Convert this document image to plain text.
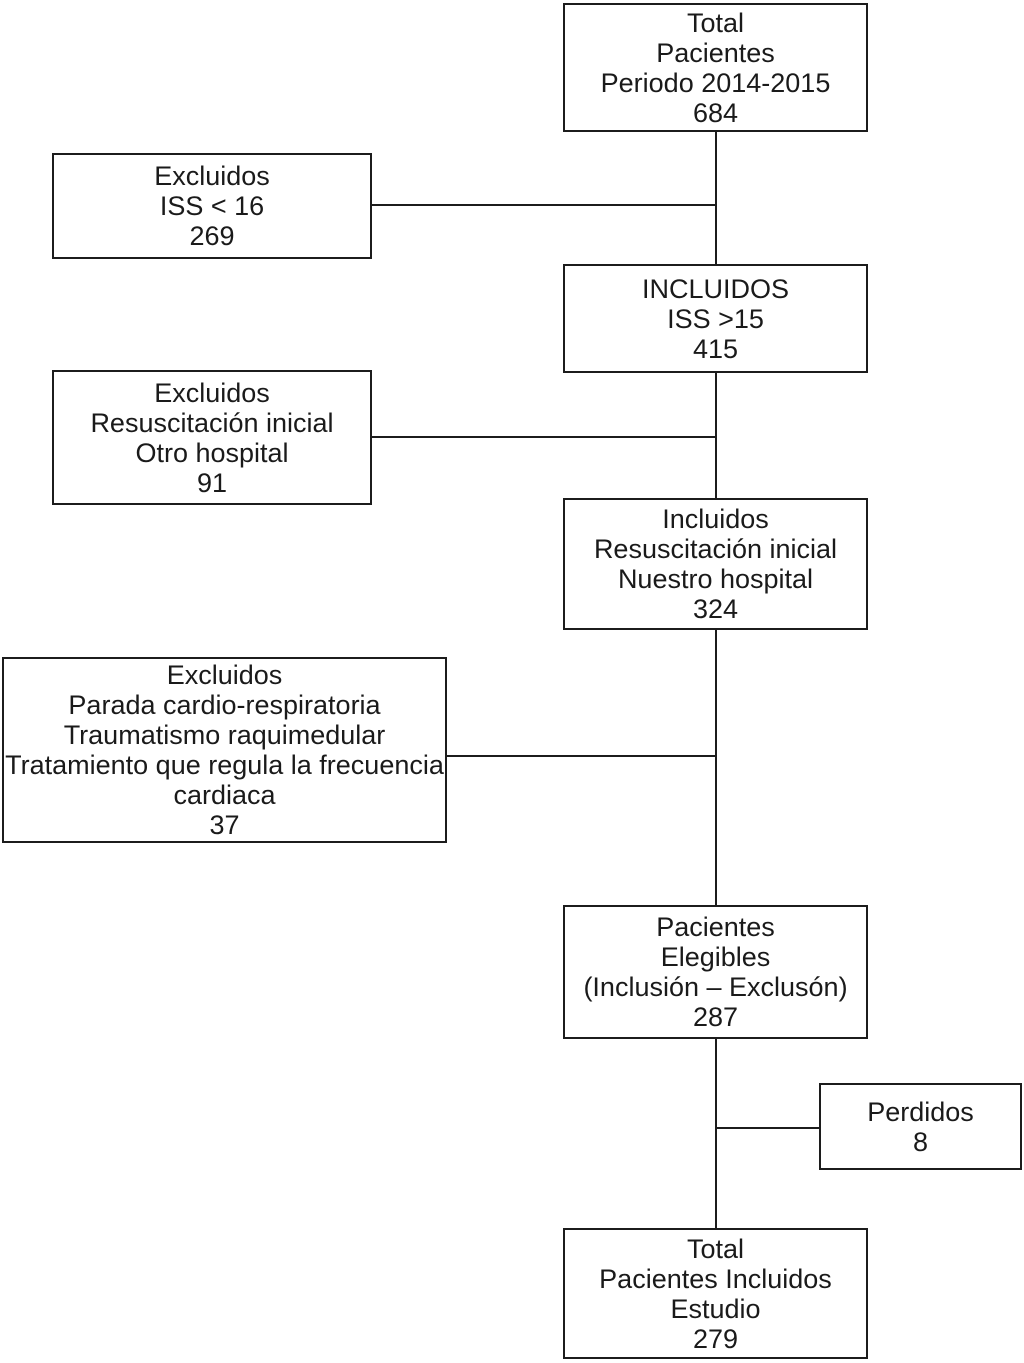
Total
Pacientes
Periodo 2014-2015
684
Excluidos
ISS < 16
269
INCLUIDOS
ISS >15
415
Excluidos
Resuscitación inicial
Otro hospital
91
Incluidos
Resuscitación inicial
Nuestro hospital
324
Excluidos
Parada cardio-respiratoria
Traumatismo raquimedular
Tratamiento que regula la frecuencia
cardiaca
37
Pacientes
Elegibles
(Inclusión – Exclusón)
287
Perdidos
8
Total
Pacientes Incluidos
Estudio
279
